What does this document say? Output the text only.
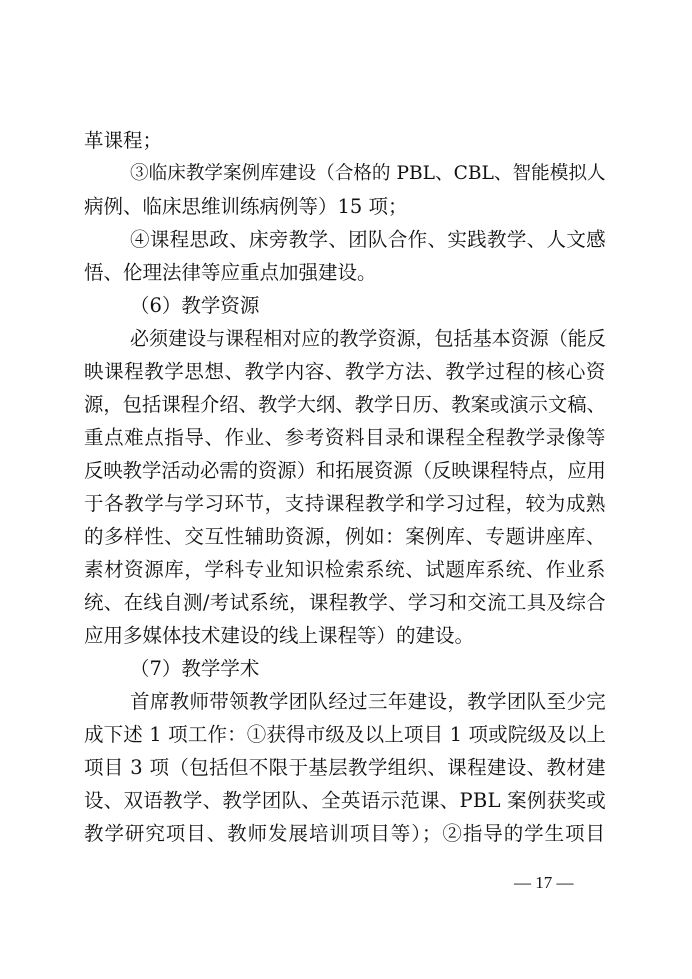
革课程；
③临床教学案例库建设（合格的 PBL、CBL、智能模拟人
病例、临床思维训练病例等）15 项；
④课程思政、床旁教学、团队合作、实践教学、人文感
悟、伦理法律等应重点加强建设。
（6）教学资源
必须建设与课程相对应的教学资源，包括基本资源（能反
映课程教学思想、教学内容、教学方法、教学过程的核心资
源，包括课程介绍、教学大纲、教学日历、教案或演示文稿、
重点难点指导、作业、参考资料目录和课程全程教学录像等
反映教学活动必需的资源）和拓展资源（反映课程特点，应用
于各教学与学习环节，支持课程教学和学习过程，较为成熟
的多样性、交互性辅助资源，例如：案例库、专题讲座库、
素材资源库，学科专业知识检索系统、试题库系统、作业系
统、在线自测/考试系统，课程教学、学习和交流工具及综合
应用多媒体技术建设的线上课程等）的建设。
（7）教学学术
首席教师带领教学团队经过三年建设，教学团队至少完
成下述 1 项工作：①获得市级及以上项目 1 项或院级及以上
项目 3 项（包括但不限于基层教学组织、课程建设、教材建
设、双语教学、教学团队、全英语示范课、PBL 案例获奖或
教学研究项目、教师发展培训项目等）；②指导的学生项目
— 17 —
